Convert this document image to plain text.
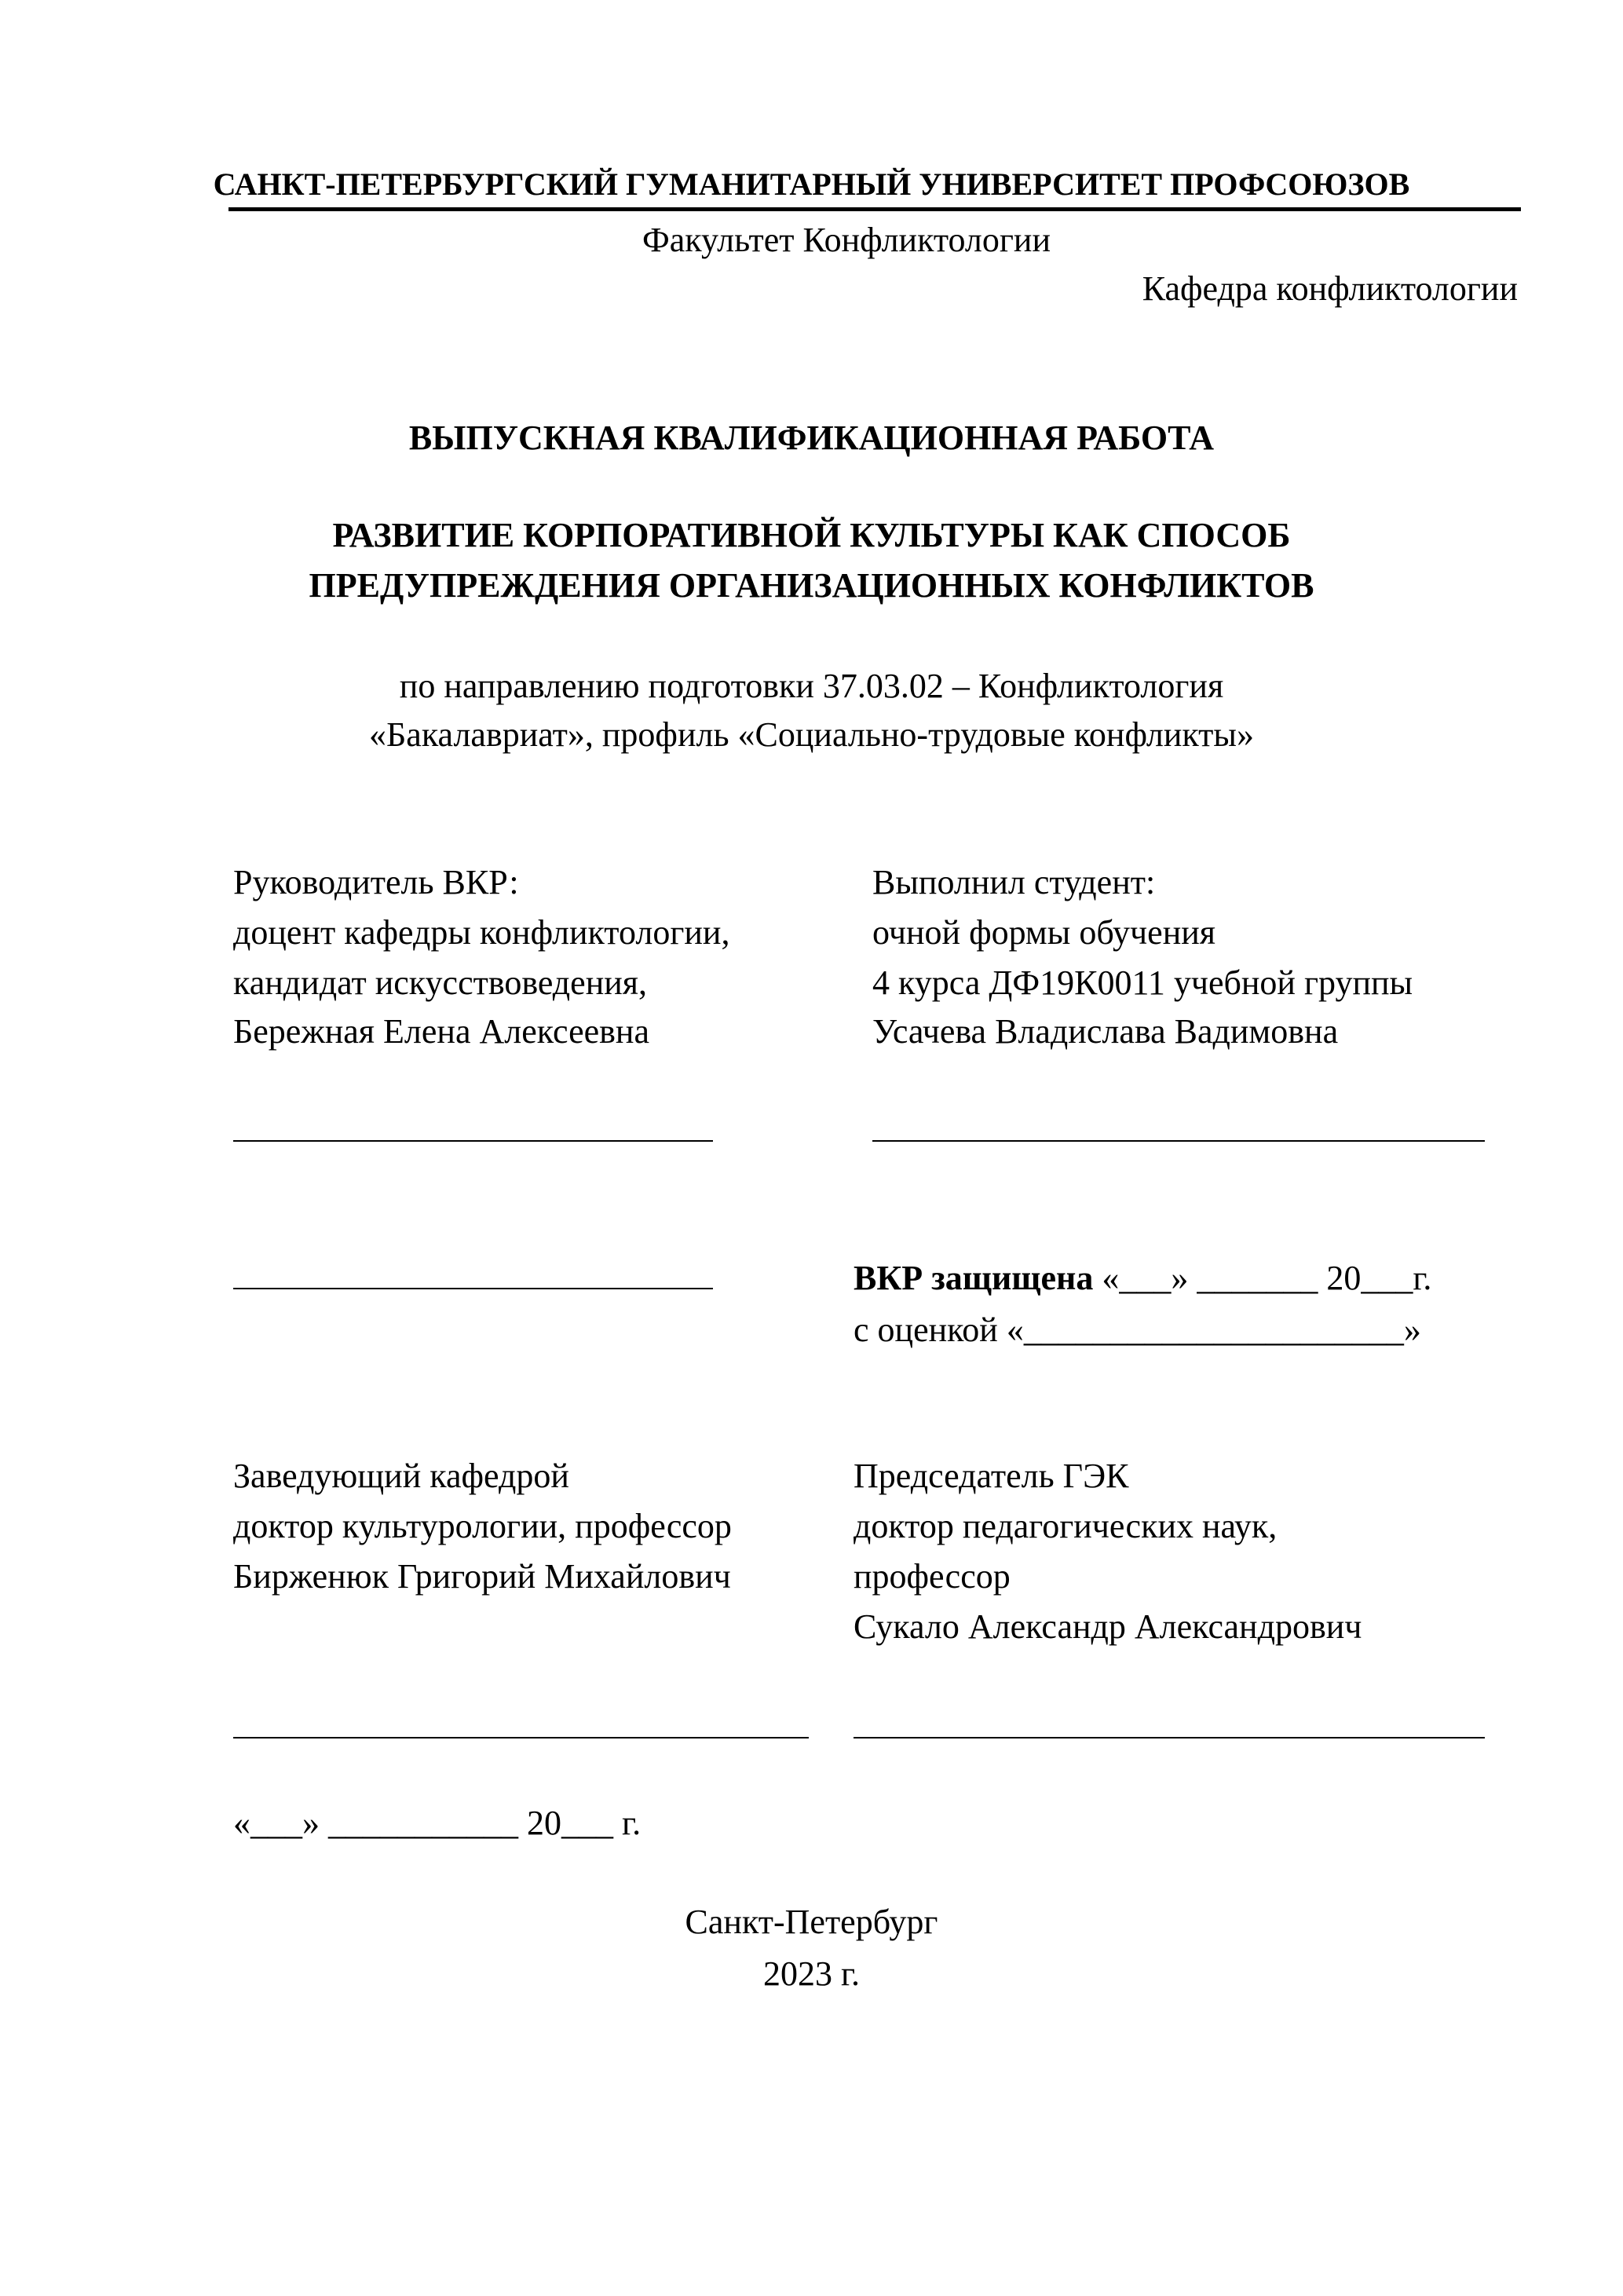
САНКТ-ПЕТЕРБУРГСКИЙ ГУМАНИТАРНЫЙ УНИВЕРСИТЕТ ПРОФСОЮЗОВ
Факультет Конфликтологии
Кафедра конфликтологии
ВЫПУСКНАЯ КВАЛИФИКАЦИОННАЯ РАБОТА
РАЗВИТИЕ КОРПОРАТИВНОЙ КУЛЬТУРЫ КАК СПОСОБ
ПРЕДУПРЕЖДЕНИЯ ОРГАНИЗАЦИОННЫХ КОНФЛИКТОВ
по направлению подготовки 37.03.02 – Конфликтология
«Бакалавриат», профиль «Социально-трудовые конфликты»
Руководитель ВКР:
доцент кафедры конфликтологии,
кандидат искусствоведения,
Бережная Елена Алексеевна
Выполнил студент:
очной формы обучения
4 курса ДФ19К0011 учебной группы
Усачева Владислава Вадимовна
ВКР защищена «___» _______ 20___г.
с оценкой «______________________»
Заведующий кафедрой
доктор культурологии, профессор
Бирженюк Григорий Михайлович
Председатель ГЭК
доктор педагогических наук,
профессор
Сукало Александр Александрович
«___» ___________ 20___ г.
Санкт-Петербург
2023 г.
